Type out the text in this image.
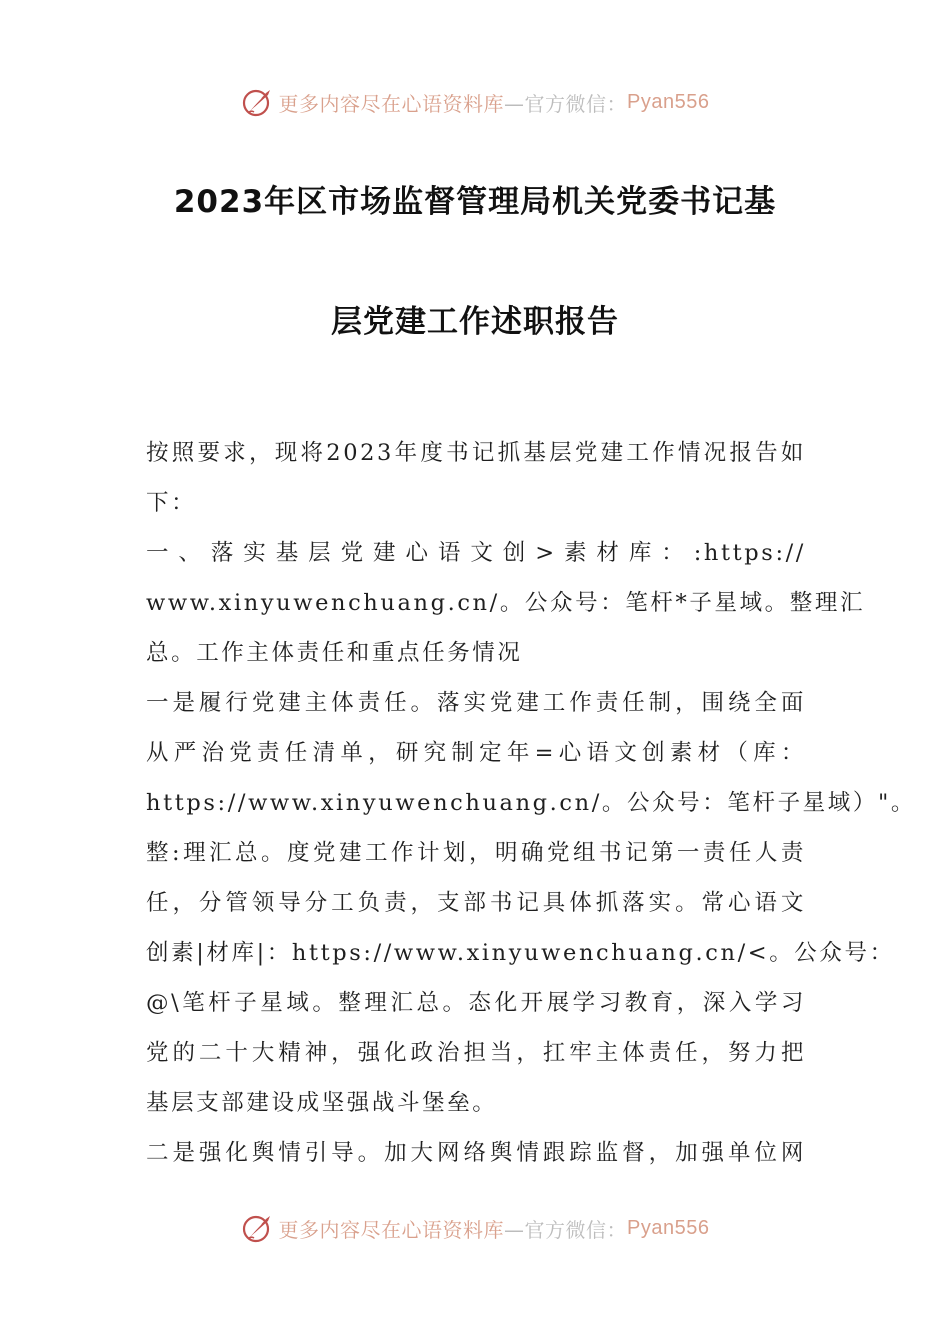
更多内容尽在心语资料库 —官方微信： Pyan556
2023年区市场监督管理局机关党委书记基
层党建工作述职报告
按照要求，现将2023年度书记抓基层党建工作情况报告如
下：
一、落实基层党建心语文创>素材库：:https://
www.xinyuwenchuang.cn/。公众号：笔杆*子星域。整理汇
总。工作主体责任和重点任务情况
一是履行党建主体责任。落实党建工作责任制，围绕全面
从严治党责任清单，研究制定年=心语文创素材（库：
https://www.xinyuwenchuang.cn/。公众号：笔杆子星域）"。
整:理汇总。度党建工作计划，明确党组书记第一责任人责
任，分管领导分工负责，支部书记具体抓落实。常心语文
创素|材库|：https://www.xinyuwenchuang.cn/<。公众号：
@\笔杆子星域。整理汇总。态化开展学习教育，深入学习
党的二十大精神，强化政治担当，扛牢主体责任，努力把
基层支部建设成坚强战斗堡垒。
二是强化舆情引导。加大网络舆情跟踪监督，加强单位网
更多内容尽在心语资料库 —官方微信： Pyan556
